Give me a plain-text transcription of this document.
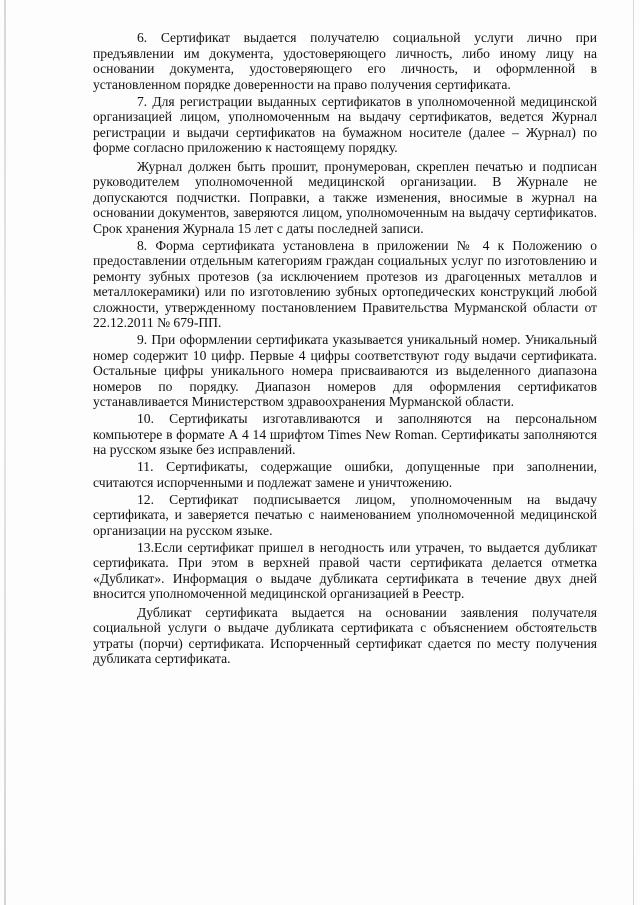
6. Сертификат выдается получателю социальной услуги лично при предъявлении им документа, удостоверяющего личность, либо иному лицу на основании документа, удостоверяющего его личность, и оформленной в установленном порядке доверенности на право получения сертификата.

7. Для регистрации выданных сертификатов в уполномоченной медицинской организацией лицом, уполномоченным на выдачу сертификатов, ведется Журнал регистрации и выдачи сертификатов на бумажном носителе (далее – Журнал) по форме согласно приложению к настоящему порядку.

Журнал должен быть прошит, пронумерован, скреплен печатью и подписан руководителем уполномоченной медицинской организации. В Журнале не допускаются подчистки. Поправки, а также изменения, вносимые в журнал на основании документов, заверяются лицом, уполномоченным на выдачу сертификатов. Срок хранения Журнала 15 лет с даты последней записи.

8. Форма сертификата установлена в приложении № 4 к Положению о предоставлении отдельным категориям граждан социальных услуг по изготовлению и ремонту зубных протезов (за исключением протезов из драгоценных металлов и металлокерамики) или по изготовлению зубных ортопедических конструкций любой сложности, утвержденному постановлением Правительства Мурманской области от 22.12.2011 № 679-ПП.

9. При оформлении сертификата указывается уникальный номер. Уникальный номер содержит 10 цифр. Первые 4 цифры соответствуют году выдачи сертификата. Остальные цифры уникального номера присваиваются из выделенного диапазона номеров по порядку. Диапазон номеров для оформления сертификатов устанавливается Министерством здравоохранения Мурманской области.

10. Сертификаты изготавливаются и заполняются на персональном компьютере в формате А 4 14 шрифтом Times New Roman. Сертификаты заполняются на русском языке без исправлений.

11. Сертификаты, содержащие ошибки, допущенные при заполнении, считаются испорченными и подлежат замене и уничтожению.

12. Сертификат подписывается лицом, уполномоченным на выдачу сертификата, и заверяется печатью с наименованием уполномоченной медицинской организации на русском языке.

13.Если сертификат пришел в негодность или утрачен, то выдается дубликат сертификата. При этом в верхней правой части сертификата делается отметка «Дубликат». Информация о выдаче дубликата сертификата в течение двух дней вносится уполномоченной медицинской организацией в Реестр.

Дубликат сертификата выдается на основании заявления получателя социальной услуги о выдаче дубликата сертификата с объяснением обстоятельств утраты (порчи) сертификата. Испорченный сертификат сдается по месту получения дубликата сертификата.
